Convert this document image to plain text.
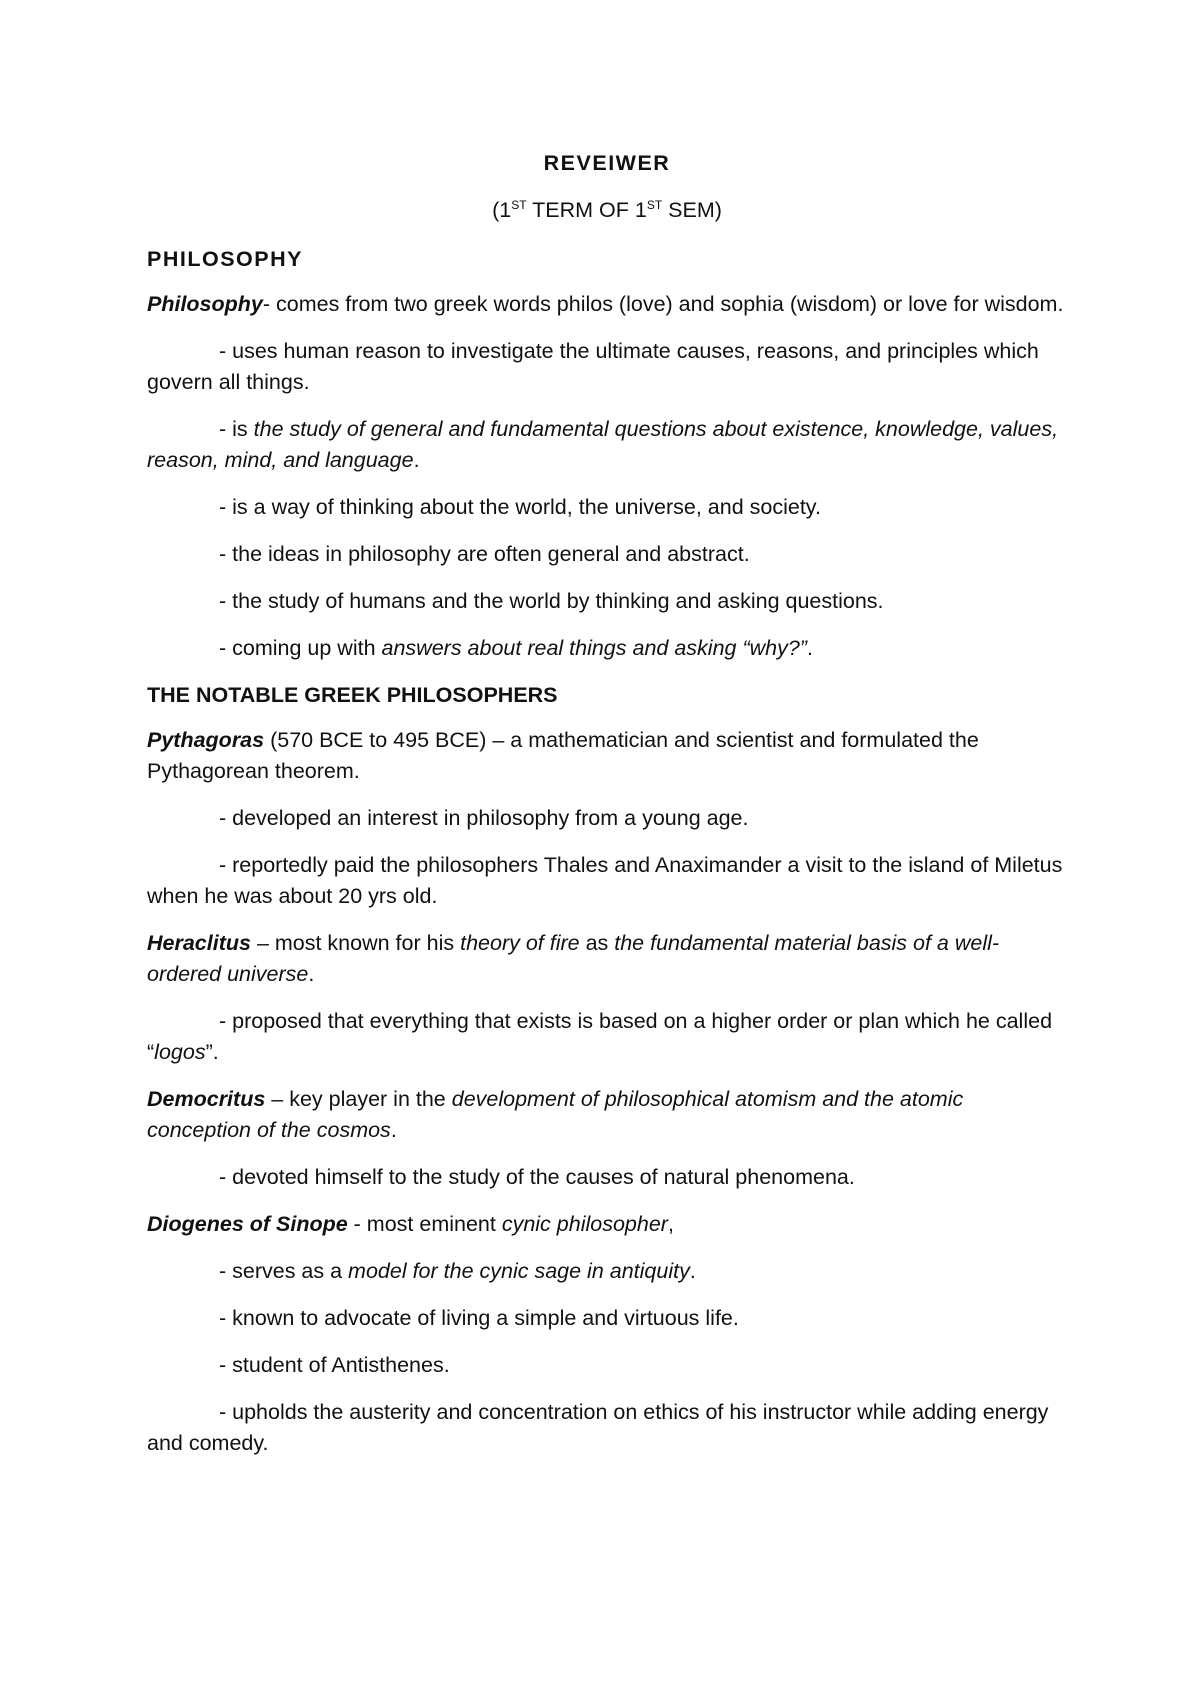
REVEIWER
(1ST TERM OF 1ST SEM)
PHILOSOPHY

Philosophy- comes from two greek words philos (love) and sophia (wisdom) or love for wisdom.

- uses human reason to investigate the ultimate causes, reasons, and principles which govern all things.

- is the study of general and fundamental questions about existence, knowledge, values, reason, mind, and language.

- is a way of thinking about the world, the universe, and society.

- the ideas in philosophy are often general and abstract.

- the study of humans and the world by thinking and asking questions.

- coming up with answers about real things and asking “why?”.

THE NOTABLE GREEK PHILOSOPHERS

Pythagoras (570 BCE to 495 BCE) – a mathematician and scientist and formulated the Pythagorean theorem.

- developed an interest in philosophy from a young age.

- reportedly paid the philosophers Thales and Anaximander a visit to the island of Miletus when he was about 20 yrs old.

Heraclitus – most known for his theory of fire as the fundamental material basis of a well-ordered universe.

- proposed that everything that exists is based on a higher order or plan which he called “logos”.

Democritus – key player in the development of philosophical atomism and the atomic conception of the cosmos.

- devoted himself to the study of the causes of natural phenomena.

Diogenes of Sinope - most eminent cynic philosopher,

- serves as a model for the cynic sage in antiquity.

- known to advocate of living a simple and virtuous life.

- student of Antisthenes.

- upholds the austerity and concentration on ethics of his instructor while adding energy and comedy.
